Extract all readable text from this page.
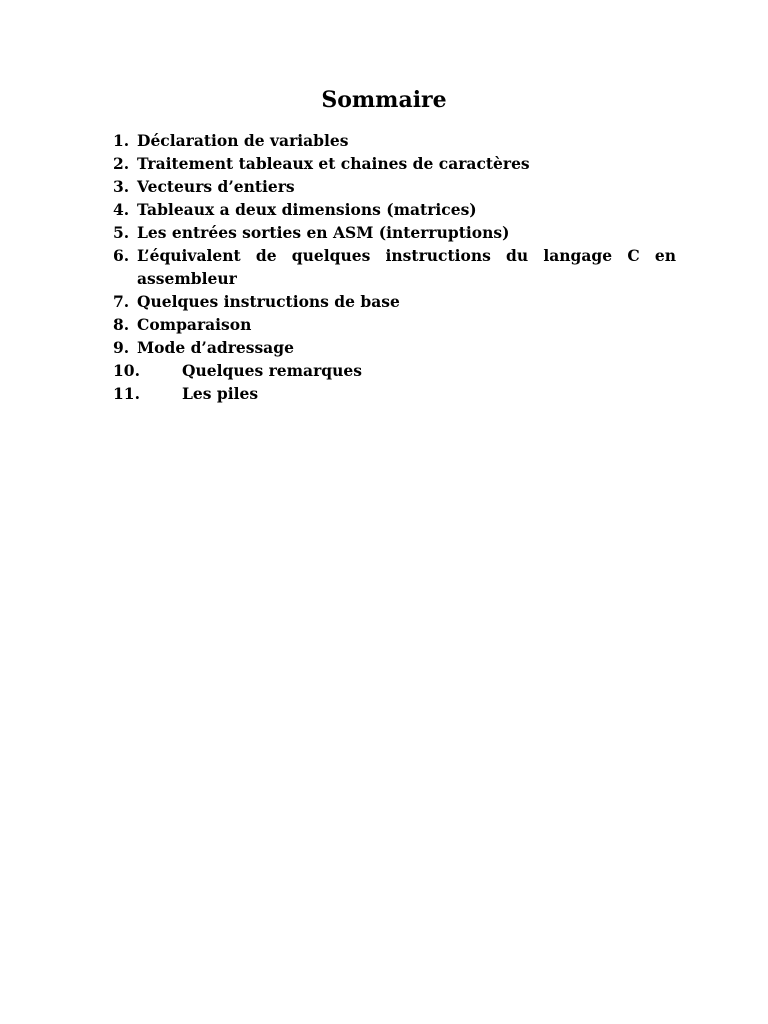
Sommaire
1. Déclaration de variables
2. Traitement tableaux et chaines de caractères
3. Vecteurs d’entiers
4. Tableaux a deux dimensions (matrices)
5. Les entrées sorties en ASM (interruptions)
6. L’équivalent de quelques instructions du langage C en assembleur
7. Quelques instructions de base
8. Comparaison
9. Mode d’adressage
10.	Quelques remarques
11.	Les piles
